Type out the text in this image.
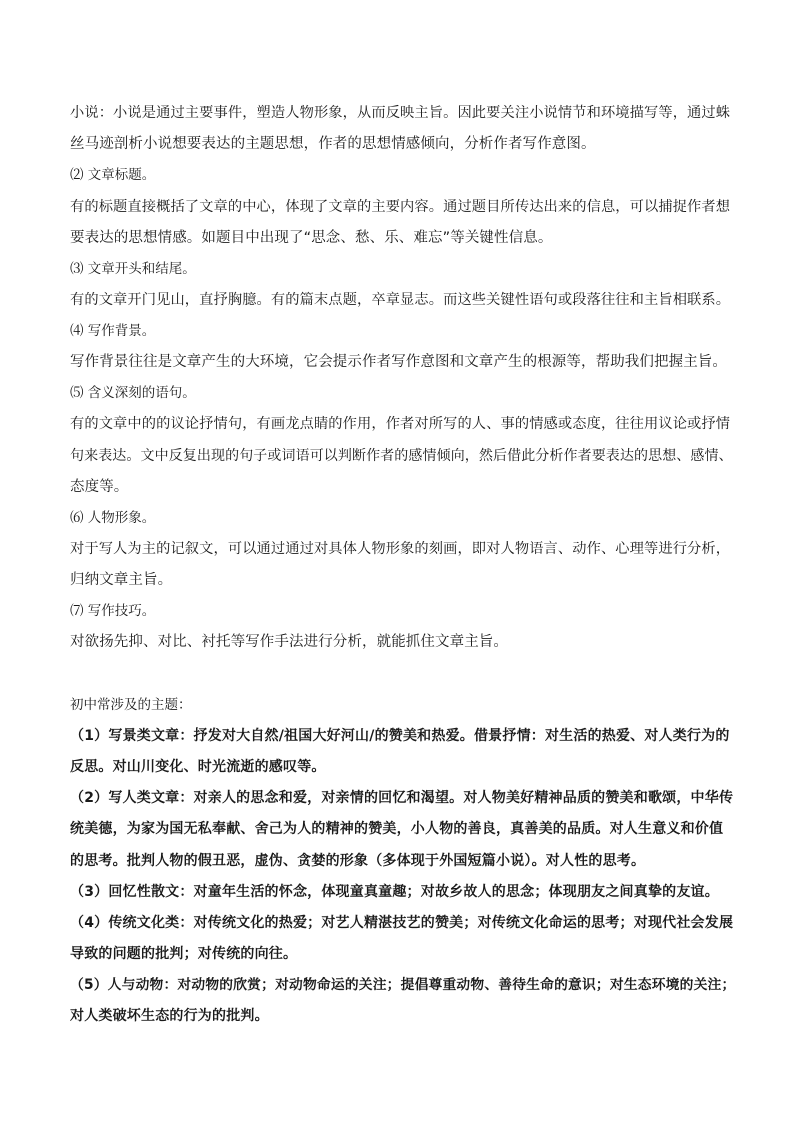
小说：小说是通过主要事件，塑造人物形象，从而反映主旨。因此要关注小说情节和环境描写等，通过蛛
丝马迹剖析小说想要表达的主题思想，作者的思想情感倾向，分析作者写作意图。
⑵ 文章标题。
有的标题直接概括了文章的中心，体现了文章的主要内容。通过题目所传达出来的信息，可以捕捉作者想
要表达的思想情感。如题目中出现了“思念、愁、乐、难忘”等关键性信息。
⑶ 文章开头和结尾。
有的文章开门见山，直抒胸臆。有的篇末点题，卒章显志。而这些关键性语句或段落往往和主旨相联系。
⑷ 写作背景。
写作背景往往是文章产生的大环境，它会提示作者写作意图和文章产生的根源等，帮助我们把握主旨。
⑸ 含义深刻的语句。
有的文章中的的议论抒情句，有画龙点睛的作用，作者对所写的人、事的情感或态度，往往用议论或抒情
句来表达。文中反复出现的句子或词语可以判断作者的感情倾向，然后借此分析作者要表达的思想、感情、
态度等。
⑹ 人物形象。
对于写人为主的记叙文，可以通过通过对具体人物形象的刻画，即对人物语言、动作、心理等进行分析，
归纳文章主旨。
⑺ 写作技巧。
对欲扬先抑、对比、衬托等写作手法进行分析，就能抓住文章主旨。
初中常涉及的主题：
（1）写景类文章：抒发对大自然/祖国大好河山/的赞美和热爱。借景抒情：对生活的热爱、对人类行为的
反思。对山川变化、时光流逝的感叹等。
（2）写人类文章：对亲人的思念和爱，对亲情的回忆和渴望。对人物美好精神品质的赞美和歌颂，中华传
统美德，为家为国无私奉献、舍己为人的精神的赞美，小人物的善良，真善美的品质。对人生意义和价值
的思考。批判人物的假丑恶，虚伪、贪婪的形象（多体现于外国短篇小说）。对人性的思考。
（3）回忆性散文：对童年生活的怀念，体现童真童趣；对故乡故人的思念；体现朋友之间真挚的友谊。
（4）传统文化类：对传统文化的热爱；对艺人精湛技艺的赞美；对传统文化命运的思考；对现代社会发展
导致的问题的批判；对传统的向往。
（5）人与动物：对动物的欣赏；对动物命运的关注；提倡尊重动物、善待生命的意识；对生态环境的关注；
对人类破坏生态的行为的批判。
